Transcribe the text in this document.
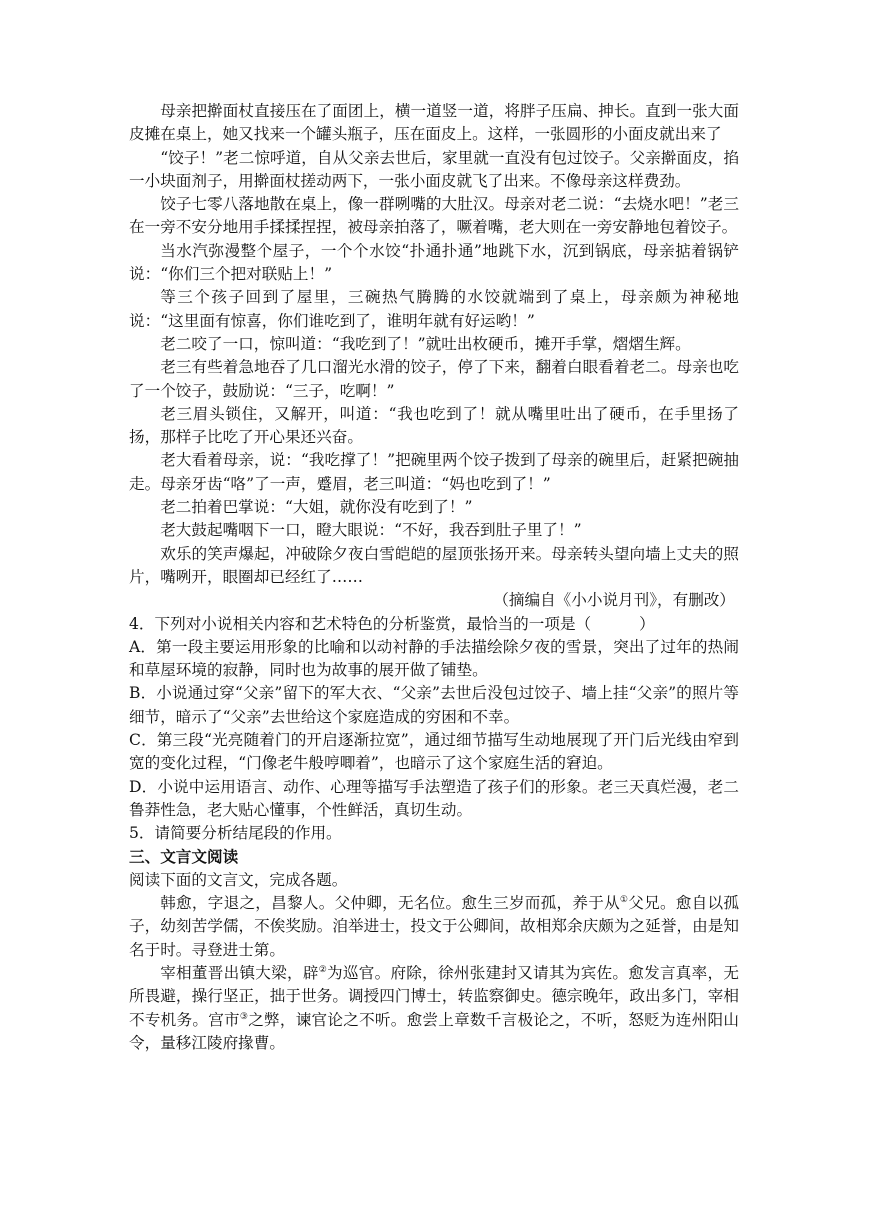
母亲把擀面杖直接压在了面团上，横一道竖一道，将胖子压扁、抻长。直到一张大面皮摊在桌上，她又找来一个罐头瓶子，压在面皮上。这样，一张圆形的小面皮就出来了

“饺子！”老二惊呼道，自从父亲去世后，家里就一直没有包过饺子。父亲擀面皮，掐一小块面剂子，用擀面杖搓动两下，一张小面皮就飞了出来。不像母亲这样费劲。

饺子七零八落地散在桌上，像一群咧嘴的大肚汉。母亲对老二说：“去烧水吧！”老三在一旁不安分地用手揉揉捏捏，被母亲拍落了，噘着嘴，老大则在一旁安静地包着饺子。

当水汽弥漫整个屋子，一个个水饺“扑通扑通”地跳下水，沉到锅底，母亲掂着锅铲说：“你们三个把对联贴上！”

等三个孩子回到了屋里，三碗热气腾腾的水饺就端到了桌上，母亲颇为神秘地说：“这里面有惊喜，你们谁吃到了，谁明年就有好运哟！”

老二咬了一口，惊叫道：“我吃到了！”就吐出枚硬币，摊开手掌，熠熠生辉。

老三有些着急地吞了几口溜光水滑的饺子，停了下来，翻着白眼看着老二。母亲也吃了一个饺子，鼓励说：“三子，吃啊！”

老三眉头锁住，又解开，叫道：“我也吃到了！就从嘴里吐出了硬币，在手里扬了扬，那样子比吃了开心果还兴奋。

老大看着母亲，说：“我吃撑了！”把碗里两个饺子拨到了母亲的碗里后，赶紧把碗抽走。母亲牙齿“咯”了一声，蹙眉，老三叫道：“妈也吃到了！”

老二拍着巴掌说：“大姐，就你没有吃到了！”

老大鼓起嘴咽下一口，瞪大眼说：“不好，我吞到肚子里了！”

欢乐的笑声爆起，冲破除夕夜白雪皑皑的屋顶张扬开来。母亲转头望向墙上丈夫的照片，嘴咧开，眼圈却已经红了……

（摘编自《小小说月刊》，有删改）

4．下列对小说相关内容和艺术特色的分析鉴赏，最恰当的一项是（	）

A．第一段主要运用形象的比喻和以动衬静的手法描绘除夕夜的雪景，突出了过年的热闹和草屋环境的寂静，同时也为故事的展开做了铺垫。

B．小说通过穿“父亲”留下的军大衣、“父亲”去世后没包过饺子、墙上挂“父亲”的照片等细节，暗示了“父亲”去世给这个家庭造成的穷困和不幸。

C．第三段“光亮随着门的开启逐渐拉宽”，通过细节描写生动地展现了开门后光线由窄到宽的变化过程，“门像老牛般哼唧着”，也暗示了这个家庭生活的窘迫。

D．小说中运用语言、动作、心理等描写手法塑造了孩子们的形象。老三天真烂漫，老二鲁莽性急，老大贴心懂事，个性鲜活，真切生动。

5．请简要分析结尾段的作用。

三、文言文阅读

阅读下面的文言文，完成各题。

韩愈，字退之，昌黎人。父仲卿，无名位。愈生三岁而孤，养于从①父兄。愈自以孤子，幼刻苦学儒，不俟奖励。洎举进士，投文于公卿间，故相郑余庆颇为之延誉，由是知名于时。寻登进士第。

宰相董晋出镇大梁，辟②为巡官。府除，徐州张建封又请其为宾佐。愈发言真率，无所畏避，操行坚正，拙于世务。调授四门博士，转监察御史。德宗晚年，政出多门，宰相不专机务。宫市③之弊，谏官论之不听。愈尝上章数千言极论之，不听，怒贬为连州阳山令，量移江陵府掾曹。
